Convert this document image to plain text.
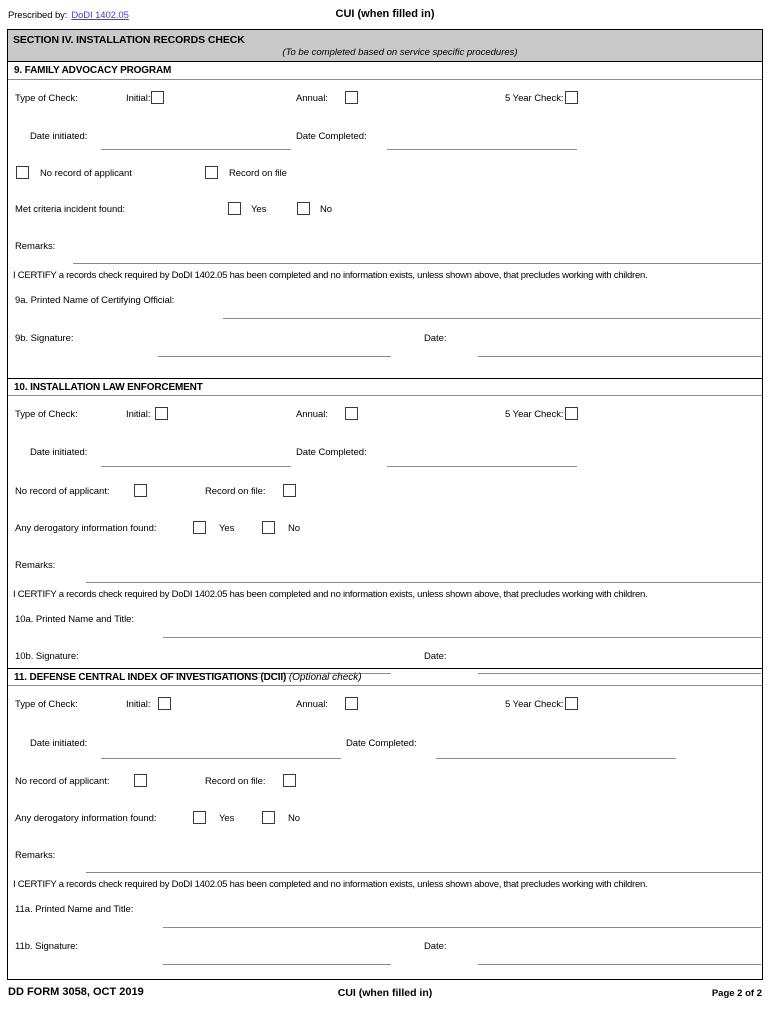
Prescribed by: DoDI 1402.05	CUI (when filled in)
SECTION IV. INSTALLATION RECORDS CHECK
(To be completed based on service specific procedures)
9. FAMILY ADVOCACY PROGRAM
Type of Check:	Initial:	Annual:	5 Year Check:
Date initiated:	Date Completed:
No record of applicant	Record on file
Met criteria incident found:	Yes	No
Remarks:
I CERTIFY a records check required by DoDI 1402.05 has been completed and no information exists, unless shown above, that precludes working with children.
9a. Printed Name of Certifying Official:
9b. Signature:	Date:
10. INSTALLATION LAW ENFORCEMENT
Type of Check:	Initial:	Annual:	5 Year Check:
Date initiated:	Date Completed:
No record of applicant:	Record on file:
Any derogatory information found:	Yes	No
Remarks:
I CERTIFY a records check required by DoDI 1402.05 has been completed and no information exists, unless shown above, that precludes working with children.
10a. Printed Name and Title:
10b. Signature:	Date:
11. DEFENSE CENTRAL INDEX OF INVESTIGATIONS (DCII) (Optional check)
Type of Check:	Initial:	Annual:	5 Year Check:
Date initiated:	Date Completed:
No record of applicant:	Record on file:
Any derogatory information found:	Yes	No
Remarks:
I CERTIFY a records check required by DoDI 1402.05 has been completed and no information exists, unless shown above, that precludes working with children.
11a. Printed Name and Title:
11b. Signature:	Date:
DD FORM 3058, OCT 2019	CUI (when filled in)	Page 2 of 2
